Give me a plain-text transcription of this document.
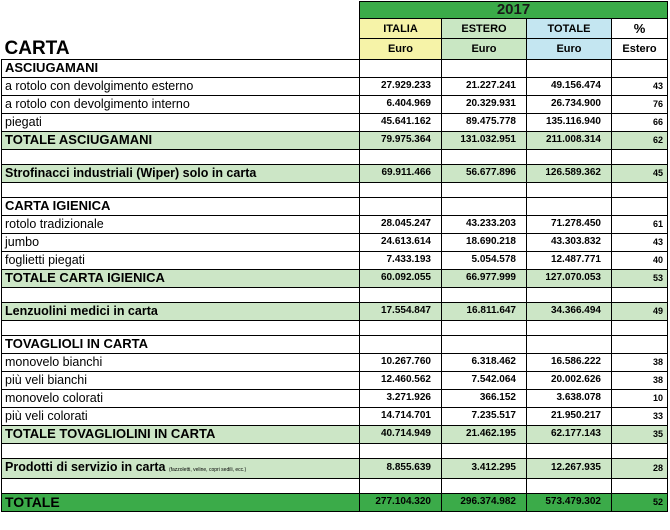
	2017			
	ITALIA	ESTERO	TOTALE	%
CARTA	Euro	Euro	Euro	Estero
ASCIUGAMANI				
a rotolo con devolgimento esterno	27.929.233	21.227.241	49.156.474	43
a rotolo con devolgimento interno	6.404.969	20.329.931	26.734.900	76
piegati	45.641.162	89.475.778	135.116.940	66
TOTALE ASCIUGAMANI	79.975.364	131.032.951	211.008.314	62

Strofinacci industriali (Wiper) solo in carta	69.911.466	56.677.896	126.589.362	45

CARTA IGIENICA				
rotolo tradizionale	28.045.247	43.233.203	71.278.450	61
jumbo	24.613.614	18.690.218	43.303.832	43
foglietti piegati	7.433.193	5.054.578	12.487.771	40
TOTALE CARTA IGIENICA	60.092.055	66.977.999	127.070.053	53

Lenzuolini medici in carta	17.554.847	16.811.647	34.366.494	49

TOVAGLIOLI IN CARTA				
monovelo bianchi	10.267.760	6.318.462	16.586.222	38
più veli bianchi	12.460.562	7.542.064	20.002.626	38
monovelo colorati	3.271.926	366.152	3.638.078	10
più veli colorati	14.714.701	7.235.517	21.950.217	33
TOTALE TOVAGLIOLINI IN CARTA	40.714.949	21.462.195	62.177.143	35

Prodotti di servizio in carta (fazzoletti, veline, copri sedili, ecc.)	8.855.639	3.412.295	12.267.935	28

TOTALE	277.104.320	296.374.982	573.479.302	52
